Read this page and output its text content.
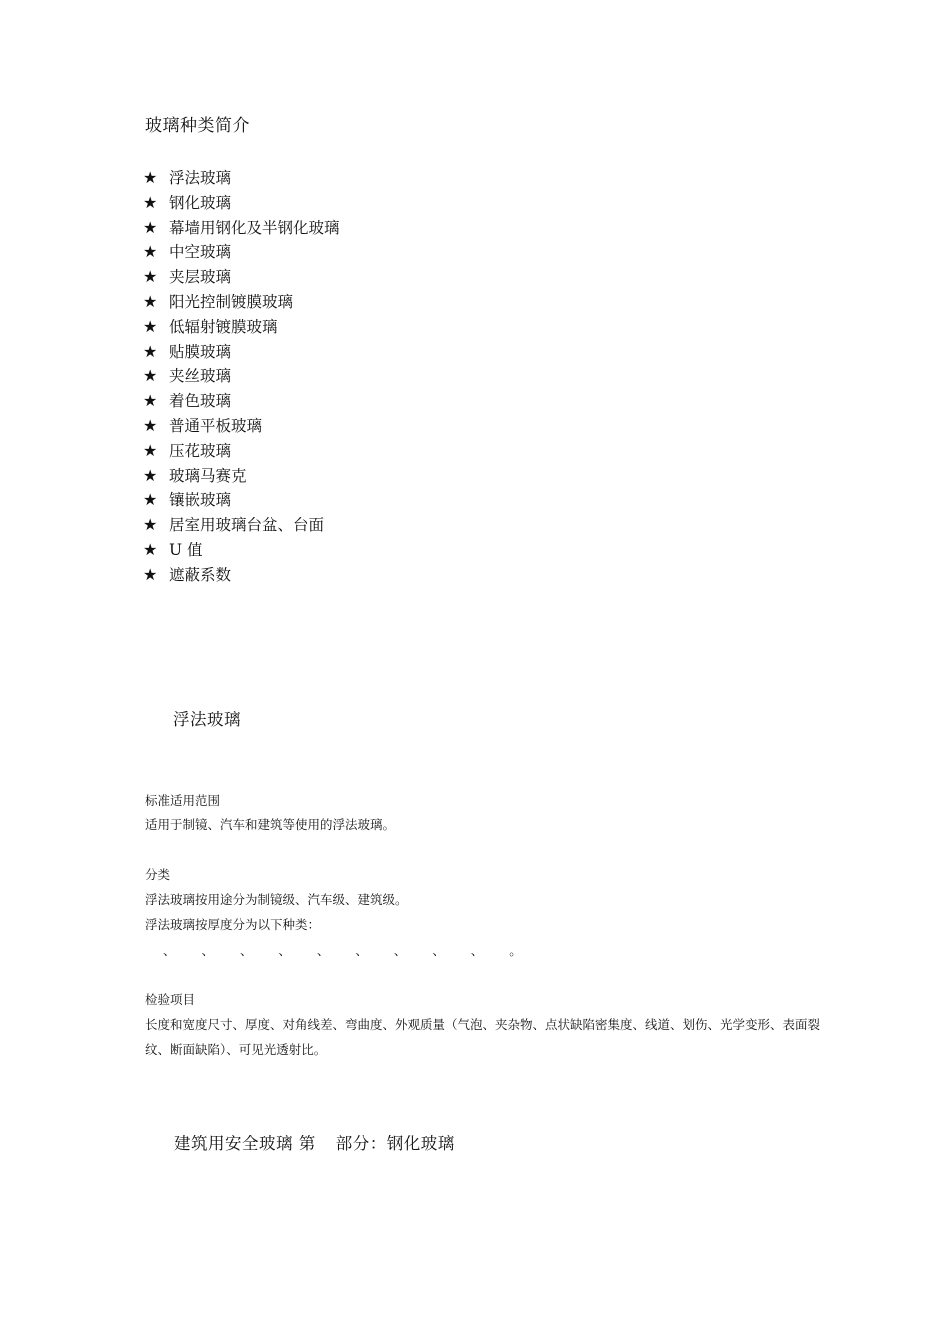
玻璃种类简介
★ 浮法玻璃
★ 钢化玻璃
★ 幕墙用钢化及半钢化玻璃
★ 中空玻璃
★ 夹层玻璃
★ 阳光控制镀膜玻璃
★ 低辐射镀膜玻璃
★ 贴膜玻璃
★ 夹丝玻璃
★ 着色玻璃
★ 普通平板玻璃
★ 压花玻璃
★ 玻璃马赛克
★ 镶嵌玻璃
★ 居室用玻璃台盆、台面
★ U 值
★ 遮蔽系数
浮法玻璃

标准适用范围

适用于制镜、汽车和建筑等使用的浮法玻璃。

分类

浮法玻璃按用途分为制镜级、汽车级、建筑级。

浮法玻璃按厚度分为以下种类：

、 、 、 、 、 、 、 、 、 。

检验项目

长度和宽度尺寸、厚度、对角线差、弯曲度、外观质量（气泡、夹杂物、点状缺陷密集度、线道、划伤、光学变形、表面裂纹、断面缺陷）、可见光透射比。

建筑用安全玻璃 第 部分：钢化玻璃
